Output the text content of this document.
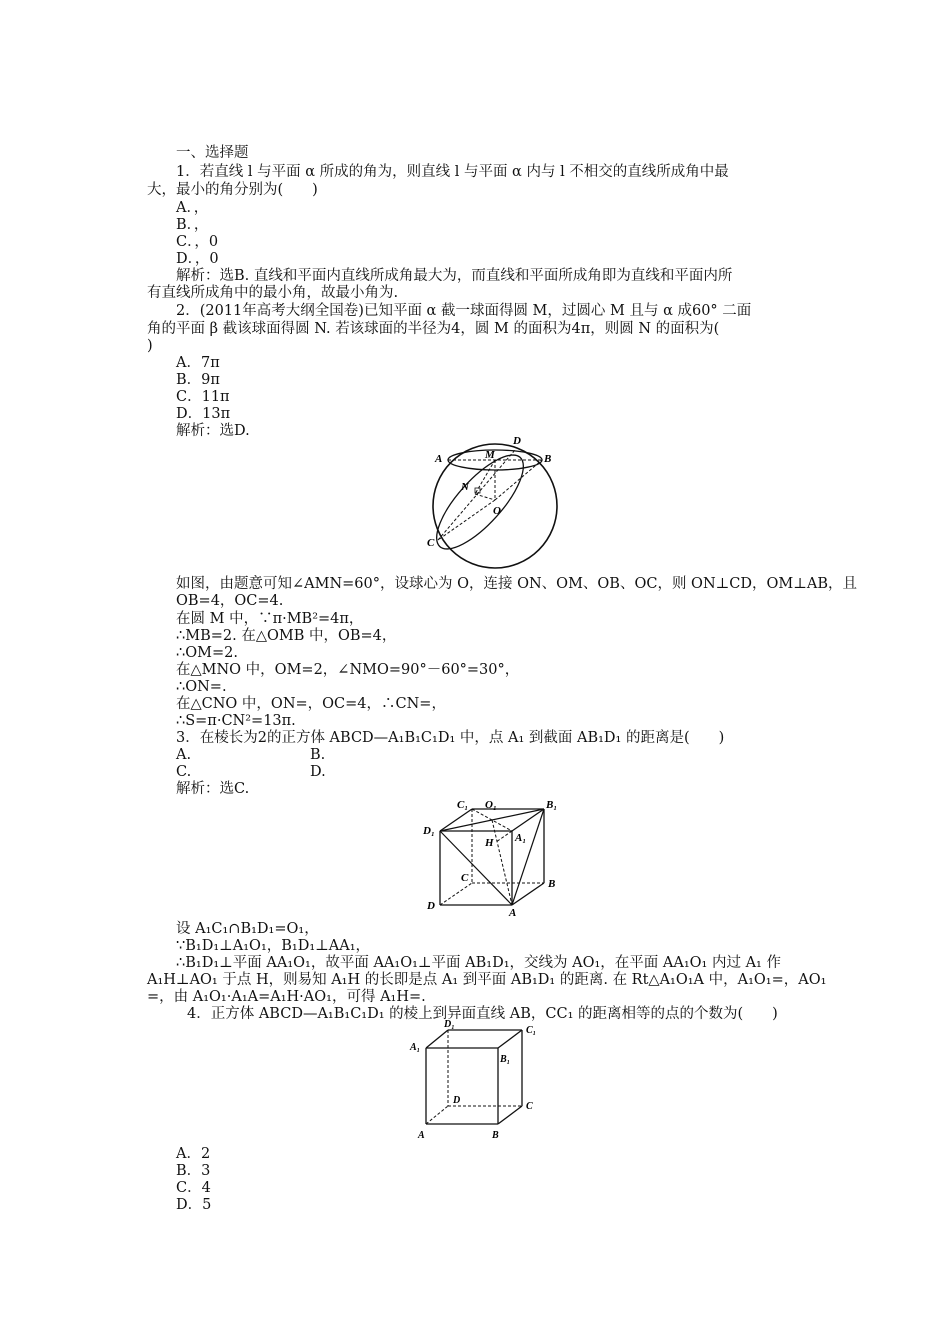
一、选择题
1．若直线 l 与平面 α 所成的角为，则直线 l 与平面 α 内与 l 不相交的直线所成角中最
大，最小的角分别为(　　)
A．，
B．，
C．，0
D．，0
解析：选B. 直线和平面内直线所成角最大为，而直线和平面所成角即为直线和平面内所
有直线所成角中的最小角，故最小角为.
2．(2011年高考大纲全国卷)已知平面 α 截一球面得圆 M，过圆心 M 且与 α 成60° 二面
角的平面 β 截该球面得圆 N. 若该球面的半径为4，圆 M 的面积为4π，则圆 N 的面积为(
)
A．7π
B．9π
C．11π
D．13π
解析：选D.
A	B
C
D
M
N
O
如图，由题意可知∠AMN=60°，设球心为 O，连接 ON、OM、OB、OC，则 ON⊥CD，OM⊥AB，且
OB=4，OC=4.
在圆 M 中，∵π·MB²=4π，
∴MB=2. 在△OMB 中，OB=4，
∴OM=2.
在△MNO 中，OM=2，∠NMO=90°－60°=30°，
∴ON=.
在△CNO 中，ON=，OC=4，∴CN=，
∴S=π·CN²=13π.
3．在棱长为2的正方体 ABCD—A₁B₁C₁D₁ 中，点 A₁ 到截面 AB₁D₁ 的距离是(　　)
A.	B.
C.	D.
解析：选C.
C₁ O₁	B₁
D₁
A₁
H
C	B
D
A
设 A₁C₁∩B₁D₁=O₁，
∵B₁D₁⊥A₁O₁，B₁D₁⊥AA₁，
∴B₁D₁⊥平面 AA₁O₁，故平面 AA₁O₁⊥平面 AB₁D₁，交线为 AO₁，在平面 AA₁O₁ 内过 A₁ 作
A₁H⊥AO₁ 于点 H，则易知 A₁H 的长即是点 A₁ 到平面 AB₁D₁ 的距离. 在 Rt△A₁O₁A 中，A₁O₁=，AO₁
=，由 A₁O₁·A₁A=A₁H·AO₁，可得 A₁H=.
4．正方体 ABCD—A₁B₁C₁D₁ 的棱上到异面直线 AB，CC₁ 的距离相等的点的个数为(　　)
D₁
C₁
A₁
B₁
D
C
A	B
A．2
B．3
C．4
D．5
